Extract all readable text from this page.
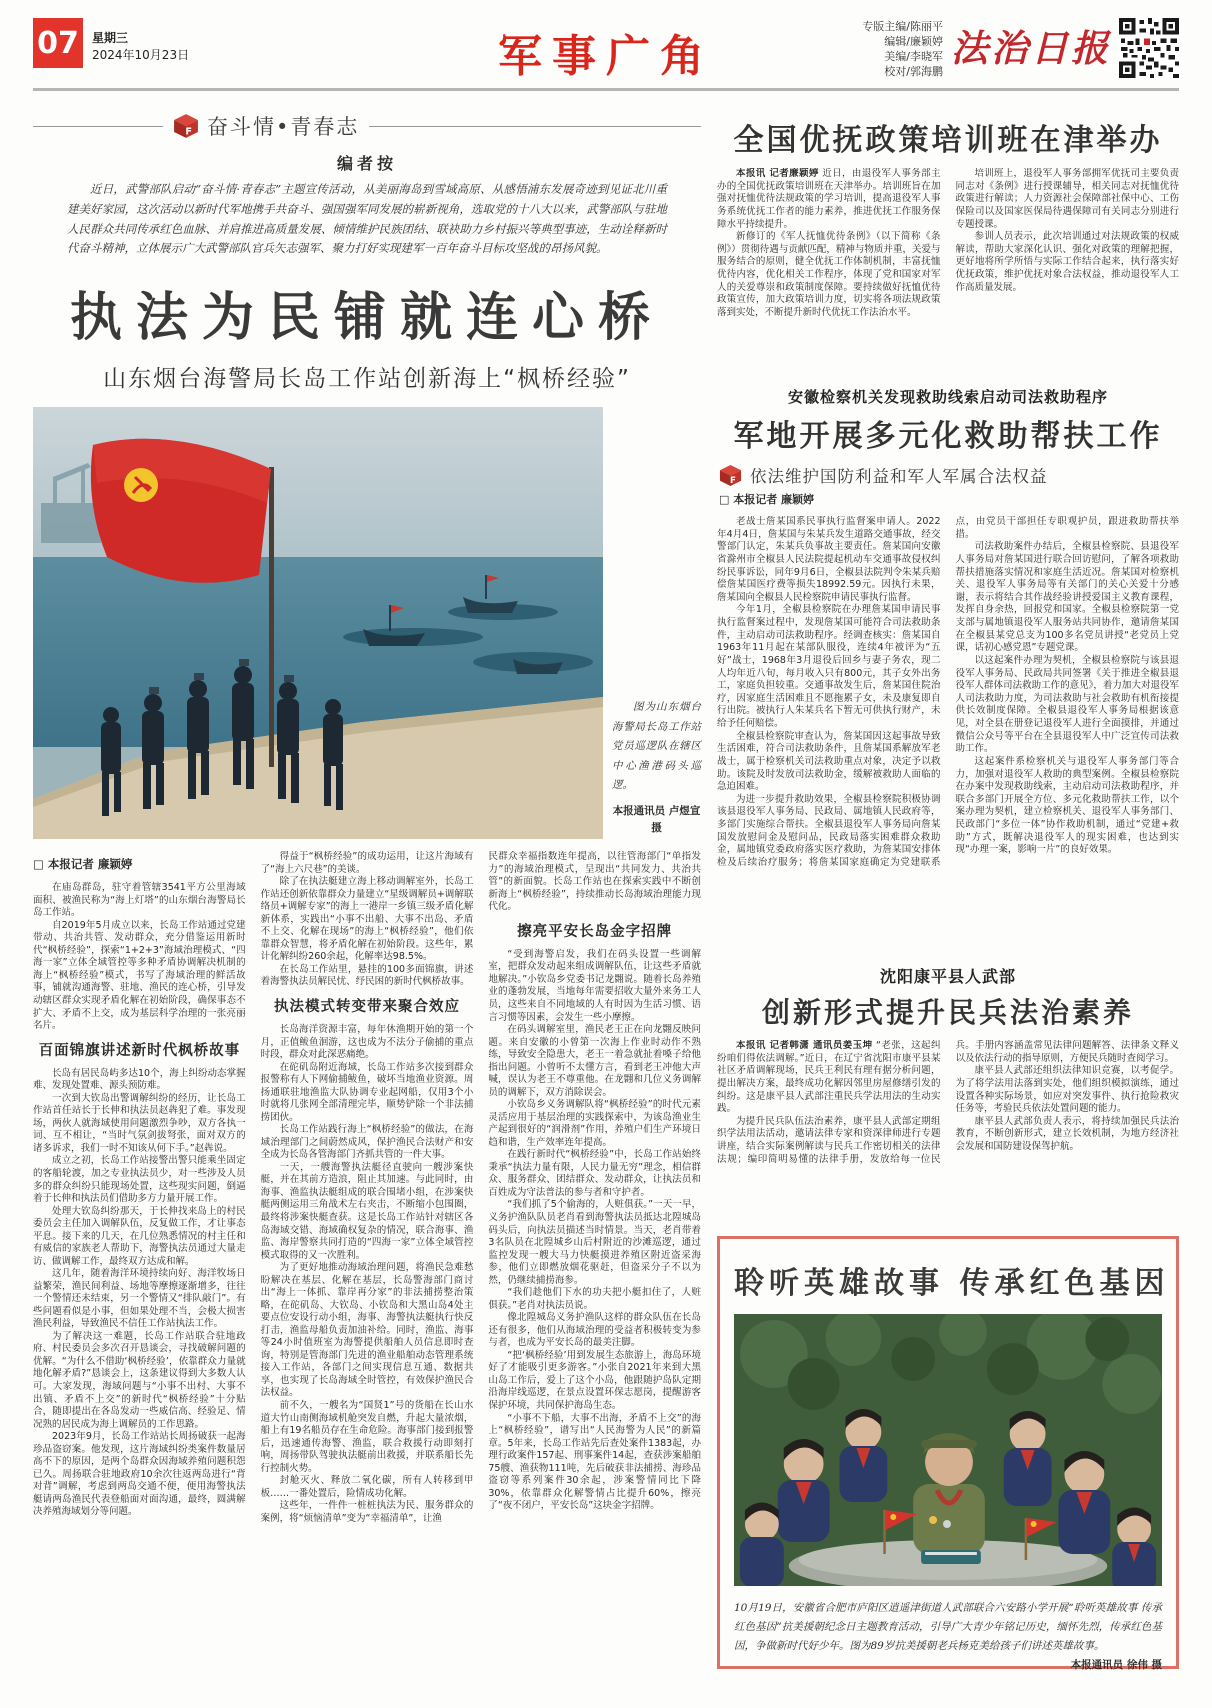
07	星期三
2024年10月23日	军事广角
专版主编/陈丽平
编辑/廉颖婷
美编/李晓军
校对/郭海鹏
法治日报
F 奋斗情•青春志
编者按
近日，武警部队启动“奋斗情·青春志”主题宣传活动，从美丽海岛到雪域高原、从感悟浦东发展奇迹到见证北川重建美好家园，这次活动以新时代军地携手共奋斗、强国强军同发展的崭新视角，选取党的十八大以来，武警部队与驻地人民群众共同传承红色血脉、并肩推进高质量发展、倾情维护民族团结、联袂助力乡村振兴等典型事迹，生动诠释新时代奋斗精神，立体展示广大武警部队官兵矢志强军、聚力打好实现建军一百年奋斗目标攻坚战的昂扬风貌。
执法为民铺就连心桥
山东烟台海警局长岛工作站创新海上“枫桥经验”
图为山东烟台海警局长岛工作站党员巡逻队在辖区中心渔港码头巡逻。
本报通讯员 卢煜宣 摄

□ 本报记者 廉颖婷

在庙岛群岛，驻守着管辖3541平方公里海域面积、被渔民称为“海上灯塔”的山东烟台海警局长岛工作站。

自2019年5月成立以来，长岛工作站通过党建带动、共治共管、发动群众，充分借鉴运用新时代“枫桥经验”，探索“1+2+3”海域治理模式、“四海一家”立体全域管控等多种矛盾协调解决机制的海上“枫桥经验”模式，书写了海域治理的鲜活故事，铺就沟通海警、驻地、渔民的连心桥，引导发动辖区群众实现矛盾化解在初始阶段，确保事态不扩大、矛盾不上交，成为基层科学治理的一张亮丽名片。

百面锦旗讲述新时代枫桥故事

长岛有居民岛屿多达10个，海上纠纷动态掌握难、发现处置难、源头预防难。

一次到大钦岛出警调解纠纷的经历，让长岛工作站首任站长于长伸和执法员赵犇犯了难。事发现场，两伙人就海域使用问题激烈争吵，双方各执一词、互不相让，“当时气氛剑拔弩张，面对双方的诸多诉求，我们一时不知该从何下手。”赵犇说。

成立之初，长岛工作站接警出警只能乘坐固定的客船轮渡，加之专业执法员少，对一些涉及人员多的群众纠纷只能现场处置，这些现实问题，倒逼着于长伸和执法员们借助多方力量开展工作。

处理大钦岛纠纷那天，于长伸找来岛上的村民委员会主任加入调解队伍，反复做工作，才让事态平息。接下来的几天，在几位熟悉情况的村主任和有威信的家族老人帮助下，海警执法员通过大量走访、做调解工作，最终双方达成和解。

这几年，随着海洋环境持续向好、海洋牧场日益繁荣，渔民间利益、场地等摩擦逐渐增多，往往一个警情还未结束，另一个警情又“排队敲门”。有些问题看似是小事，但如果处理不当，会极大损害渔民利益，导致渔民不信任工作站执法工作。

为了解决这一难题，长岛工作站联合驻地政府、村民委员会多次召开恳谈会，寻找破解问题的优解。“为什么不借助‘枫桥经验’，依靠群众力量就地化解矛盾?”恳谈会上，这条建议得到大多数人认可。大家发现，海域问题与“小事不出村、大事不出镇、矛盾不上交”的新时代“枫桥经验”十分贴合，随即提出在各岛发动一些威信高、经验足、情况熟的居民成为海上调解员的工作思路。

2023年9月，长岛工作站站长周扬破获一起海珍品盗窃案。他发现，这片海域纠纷类案件数量居高不下的原因，是两个岛群众因海域养殖问题积怨已久。周扬联合驻地政府10余次往返两岛进行“背对背”调解，考虑到两岛交通不便，便用海警执法艇请两岛渔民代表登船面对面沟通，最终，圆满解决养殖海域划分等问题。

得益于“枫桥经验”的成功运用，让这片海域有了“海上六尺巷”的美谈。

除了在执法艇建立海上移动调解室外，长岛工作站还创新依靠群众力量建立“星级调解员+调解联络员+调解专家”的海上一港岸一乡镇三级矛盾化解新体系，实践出“小事不出船、大事不出岛、矛盾不上交、化解在现场”的海上“枫桥经验”，他们依靠群众智慧，将矛盾化解在初始阶段。这些年，累计化解纠纷260余起，化解率达98.5%。

在长岛工作站里，悬挂的100多面锦旗，讲述着海警执法员解民忧、纾民困的新时代枫桥故事。

执法模式转变带来聚合效应

长岛海洋资源丰富，每年休渔期开始的第一个月，正值鲅鱼洄游，这也成为不法分子偷捕的重点时段，群众对此深恶痛绝。

在砣矶岛附近海域，长岛工作站多次接到群众报警称有人下网偷捕鲅鱼，破坏当地渔业资源。周扬通联驻地渔监大队协调专业起网船，仅用3个小时就将几张网全部清理完毕，顺势铲除一个非法捕捞团伙。

长岛工作站践行海上“枫桥经验”的做法，在海域治理部门之间蔚然成风，保护渔民合法财产和安全成为长岛各管海部门齐抓共管的一件大事。

一天，一艘海警执法艇径直驶向一艘涉案快艇，并在其前方造浪，阻止其加速。与此同时，由海事、渔监执法艇组成的联合围堵小组，在涉案快艇两侧运用三角战术左右夹击，不断缩小包围圈，最终将涉案快艇查获。这是长岛工作站针对辖区各岛海域交错、海域确权复杂的情况，联合海事、渔监、海岸警察共同打造的“四海一家”立体全域管控模式取得的又一次胜利。

为了更好地推动海域治理问题，将渔民急难愁盼解决在基层、化解在基层，长岛警海部门商讨出“海上一体抓、靠岸再分家”的非法捕捞整治策略，在砣矶岛、大钦岛、小钦岛和大黑山岛4处主要点位安设行动小组，海事、海警执法艇执行快反打击，渔监母船负责加油补给。同时，渔监、海事等24小时值班室为海警提供船舶人员信息即时查询，特别是管海部门先进的渔业船舶动态管理系统接入工作站，各部门之间实现信息互通、数据共享，也实现了长岛海域全时管控，有效保护渔民合法权益。

前不久，一艘名为“国贤1”号的货船在长山水道大竹山南侧海域机舱突发自燃，升起大量浓烟，船上有19名船员存在生命危险。海事部门接到报警后，迅速通传海警、渔监，联合救援行动即刻打响，周扬带队驾驶执法艇前出救援，并联系船长先行控制火势。

封舱灭火、释放二氧化碳，所有人转移到甲板……一番处置后，险情成功化解。

这些年，一件件一桩桩执法为民、服务群众的案例，将“烦恼清单”变为“幸福清单”，让渔

民群众幸福指数连年提高，以往管海部门“单指发力”的海域治理模式，呈现出“共同发力、共治共管”的新面貌。长岛工作站也在探索实践中不断创新海上“枫桥经验”，持续推动长岛海域治理能力现代化。

擦亮平安长岛金字招牌

“受到海警启发，我们在码头设置一些调解室，把群众发动起来组成调解队伍，让这些矛盾就地解决。”小钦岛乡党委书记龙翾说。随着长岛养殖业的蓬勃发展，当地每年需要招收大量外来务工人员，这些来自不同地域的人有时因为生活习惯、语言习惯等因素，会发生一些小摩擦。

在码头调解室里，渔民老王正在向龙翾反映问题。来自安徽的小曾第一次海上作业时动作不熟练，导致安全隐患大，老王一着急就扯着嗓子给他指出问题。小曾听不太懂方言，看到老王冲他大声喊，误认为老王不尊重他。在龙翾和几位义务调解员的调解下，双方消除误会。

小钦岛乡义务调解队将“枫桥经验”的时代元素灵活应用于基层治理的实践探索中，为该岛渔业生产起到很好的“润滑剂”作用，养殖户们生产环境日趋和谐，生产效率连年提高。

在践行新时代“枫桥经验”中，长岛工作站始终秉承“执法力量有限，人民力量无穷”理念，相信群众、服务群众、团结群众、发动群众，让执法员和百姓成为守法普法的参与者和守护者。

“我们抓了5个偷海的，人赃俱获。”一天一早，义务护渔队队员老肖看到海警执法员抵达北隍城岛码头后，向执法员描述当时情景。当天，老肖带着3名队员在北隍城乡山后村附近的沙滩巡逻，通过监控发现一艘大马力快艇摸进养殖区附近盗采海参，他们立即燃放烟花驱赶，但盗采分子不以为然，仍继续捕捞海参。

“我们趁他们下水的功夫把小艇扣住了，人赃俱获。”老肖对执法员说。

像北隍城岛义务护渔队这样的群众队伍在长岛还有很多，他们从海域治理的受益者积极转变为参与者，也成为平安长岛的最美注脚。

“把‘枫桥经验’用到发展生态旅游上，海岛环境好了才能吸引更多游客。”小张自2021年来到大黑山岛工作后，爱上了这个小岛，他跟随护岛队定期沿海岸线巡逻，在景点设置环保志愿岗，提醒游客保护环境，共同保护海岛生态。

“小事不下船，大事不出海，矛盾不上交”的海上“枫桥经验”，谱写出“人民海警为人民”的新篇章。5年来，长岛工作站先后查处案件1383起，办理行政案件157起、刑事案件14起，查获涉案船舶75艘、渔获物111吨，先后破获非法捕捞、海珍品盗窃等系列案件30余起，涉案警情同比下降30%，依靠群众化解警情占比提升60%，擦亮了“夜不闭户，平安长岛”这块金字招牌。

全国优抚政策培训班在津举办

本报讯 记者廉颖婷 近日，由退役军人事务部主办的全国优抚政策培训班在天津举办。培训班旨在加强对抚恤优待法规政策的学习培训，提高退役军人事务系统优抚工作者的能力素养，推进优抚工作服务保障水平持续提升。

新修订的《军人抚恤优待条例》（以下简称《条例》）贯彻待遇与贡献匹配，精神与物质并重，关爱与服务结合的原则，健全优抚工作体制机制，丰富抚恤优待内容，优化相关工作程序，体现了党和国家对军人的关爱尊崇和政策制度保障。要持续做好抚恤优待政策宣传，加大政策培训力度，切实将各项法规政策落到实处，不断提升新时代优抚工作法治水平。

培训班上，退役军人事务部拥军优抚司主要负责同志对《条例》进行授课辅导，相关同志对抚恤优待政策进行解读；人力资源社会保障部社保中心、工伤保险司以及国家医保局待遇保障司有关同志分别进行专题授课。

参训人员表示，此次培训通过对法规政策的权威解读，帮助大家深化认识、强化对政策的理解把握，更好地将所学所悟与实际工作结合起来，执行落实好优抚政策，维护优抚对象合法权益，推动退役军人工作高质量发展。

安徽检察机关发现救助线索启动司法救助程序
军地开展多元化救助帮扶工作
F 依法维护国防利益和军人军属合法权益
□ 本报记者 廉颖婷

老战士詹某国系民事执行监督案申请人。2022年4月4日，詹某国与朱某兵发生道路交通事故，经交警部门认定，朱某兵负事故主要责任。詹某国向安徽省滁州市全椒县人民法院提起机动车交通事故侵权纠纷民事诉讼，同年9月6日，全椒县法院判令朱某兵赔偿詹某国医疗费等损失18992.59元。因执行未果，詹某国向全椒县人民检察院申请民事执行监督。

今年1月，全椒县检察院在办理詹某国申请民事执行监督案过程中，发现詹某国可能符合司法救助条件，主动启动司法救助程序。经调查核实：詹某国自1963年11月起在某部队服役，连续4年被评为“五好”战士，1968年3月退役后回乡与妻子务农，现二人均年近八旬，每月收入只有800元，其子女外出务工，家庭负担较重。交通事故发生后，詹某国住院治疗，因家庭生活困难且不愿拖累子女，未及康复即自行出院。被执行人朱某兵名下暂无可供执行财产，未给予任何赔偿。

全椒县检察院审查认为，詹某国因这起事故导致生活困难，符合司法救助条件，且詹某国系解放军老战士，属于检察机关司法救助重点对象，决定予以救助。该院及时发放司法救助金，缓解被救助人面临的急迫困难。

为进一步提升救助效果，全椒县检察院积极协调该县退役军人事务局、民政局、属地镇人民政府等，多部门实施综合帮扶。全椒县退役军人事务局向詹某国发放慰问金及慰问品，民政局落实困难群众救助金，属地镇党委政府落实医疗救助，为詹某国安排体检及后续治疗服务；将詹某国家庭确定为党建联系点，由党员干部担任专职观护员，跟进救助帮扶举措。

司法救助案件办结后，全椒县检察院、县退役军人事务局对詹某国进行联合回访慰问，了解各项救助帮扶措施落实情况和家庭生活近况。詹某国对检察机关、退役军人事务局等有关部门的关心关爱十分感谢，表示将结合其作战经验讲授爱国主义教育课程，发挥自身余热，回报党和国家。全椒县检察院第一党支部与属地镇退役军人服务站共同协作，邀请詹某国在全椒县某党总支为100多名党员讲授“老党员上党课，话初心感党恩”专题党课。

以这起案件办理为契机，全椒县检察院与该县退役军人事务局、民政局共同签署《关于推进全椒县退役军人群体司法救助工作的意见》，着力加大对退役军人司法救助力度，为司法救助与社会救助有机衔接提供长效制度保障。全椒县退役军人事务局根据该意见，对全县在册登记退役军人进行全面摸排，并通过微信公众号等平台在全县退役军人中广泛宣传司法救助工作。

这起案件系检察机关与退役军人事务部门等合力，加强对退役军人救助的典型案例。全椒县检察院在办案中发现救助线索，主动启动司法救助程序，并联合多部门开展全方位、多元化救助帮扶工作，以个案办理为契机，建立检察机关、退役军人事务部门、民政部门“多位一体”协作救助机制，通过“党建+救助”方式，既解决退役军人的现实困难，也达到实现“办理一案，影响一片”的良好效果。

沈阳康平县人武部
创新形式提升民兵法治素养

本报讯 记者韩潇 通讯员姜玉坤 “老张，这起纠纷咱们得依法调解。”近日，在辽宁省沈阳市康平县某社区矛盾调解现场，民兵王利民有理有据分析问题，提出解决方案，最终成功化解因邻里房屋修缮引发的纠纷。这是康平县人武部注重民兵学法用法的生动实践。

为提升民兵队伍法治素养，康平县人武部定期组织学法用法活动，邀请法律专家和资深律师进行专题讲座，结合实际案例解读与民兵工作密切相关的法律法规；编印简明易懂的法律手册，发放给每一位民兵。手册内容涵盖常见法律问题解答、法律条文释义以及依法行动的指导原则，方便民兵随时查阅学习。

康平县人武部还组织法律知识竞赛，以考促学。为了将学法用法落到实处，他们组织模拟演练，通过设置各种实际场景，如应对突发事件、执行抢险救灾任务等，考验民兵依法处置问题的能力。

康平县人武部负责人表示，将持续加强民兵法治教育，不断创新形式，建立长效机制，为地方经济社会发展和国防建设保驾护航。

聆听英雄故事 传承红色基因
10月19日，安徽省合肥市庐阳区逍遥津街道人武部联合六安路小学开展“聆听英雄故事 传承红色基因”抗美援朝纪念日主题教育活动，引导广大青少年铭记历史，缅怀先烈，传承红色基因，争做新时代好少年。图为89岁抗美援朝老兵杨克美给孩子们讲述英雄故事。
本报通讯员 徐伟 摄
